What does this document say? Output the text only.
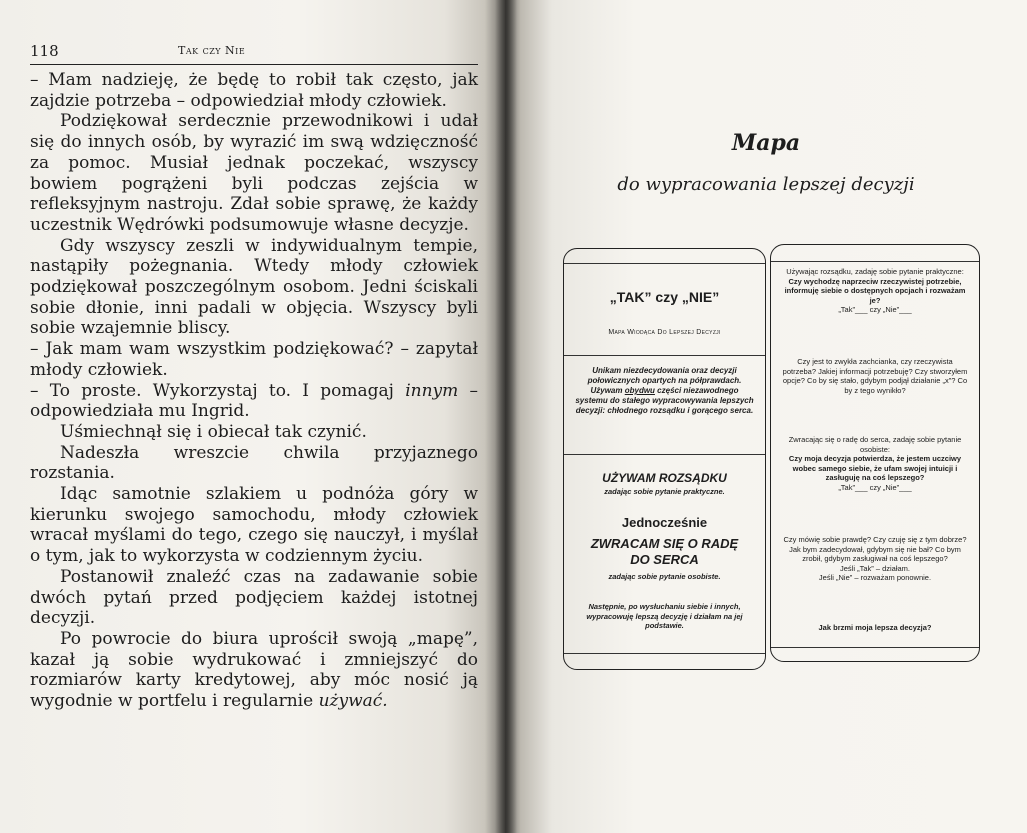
118	Tak czy Nie

– Mam nadzieję, że będę to robił tak często, jak zajdzie potrzeba – odpowiedział młody człowiek.

Podziękował serdecznie przewodnikowi i udał się do innych osób, by wyrazić im swą wdzięczność za pomoc. Musiał jednak poczekać, wszyscy bowiem pogrążeni byli podczas zejścia w refleksyjnym nastroju. Zdał sobie sprawę, że każdy uczestnik Wędrówki podsumowuje własne decyzje.

Gdy wszyscy zeszli w indywidualnym tempie, nastąpiły pożegnania. Wtedy młody człowiek podziękował poszczególnym osobom. Jedni ściskali sobie dłonie, inni padali w objęcia. Wszyscy byli sobie wzajemnie bliscy.

– Jak mam wam wszystkim podziękować? – zapytał młody człowiek.

– To proste. Wykorzystaj to. I pomagaj innym – odpowiedziała mu Ingrid.

Uśmiechnął się i obiecał tak czynić.

Nadeszła wreszcie chwila przyjaznego rozstania.

Idąc samotnie szlakiem u podnóża góry w kierunku swojego samochodu, młody człowiek wracał myślami do tego, czego się nauczył, i myślał o tym, jak to wykorzysta w codziennym życiu.

Postanowił znaleźć czas na zadawanie sobie dwóch pytań przed podjęciem każdej istotnej decyzji.

Po powrocie do biura uprościł swoją „mapę”, kazał ją sobie wydrukować i zmniejszyć do rozmiarów karty kredytowej, aby móc nosić ją wygodnie w portfelu i regularnie używać.

Mapa
do wypracowania lepszej decyzji
„TAK” czy „NIE”
Mapa Wiodąca Do Lepszej Decyzji
Unikam niezdecydowania oraz decyzji połowicznych opartych na półprawdach.
Używam obydwu części niezawodnego systemu do stałego wypracowywania lepszych decyzji: chłodnego rozsądku i gorącego serca.
UŻYWAM ROZSĄDKU
zadając sobie pytanie praktyczne.
Jednocześnie
ZWRACAM SIĘ O RADĘ
DO SERCA
zadając sobie pytanie osobiste.
Następnie, po wysłuchaniu siebie i innych, wypracowuję lepszą decyzję i działam na jej podstawie.
Używając rozsądku, zadaję sobie pytanie praktyczne:
Czy wychodzę naprzeciw rzeczywistej potrzebie, informuję siebie o dostępnych opcjach i rozważam je?
„Tak”___ czy „Nie”___
Czy jest to zwykła zachcianka, czy rzeczywista potrzeba? Jakiej informacji potrzebuję? Czy stworzyłem opcje? Co by się stało, gdybym podjął działanie „x”? Co by z tego wynikło?
Zwracając się o radę do serca, zadaję sobie pytanie osobiste:
Czy moja decyzja potwierdza, że jestem uczciwy wobec samego siebie, że ufam swojej intuicji i zasługuję na coś lepszego?
„Tak”___ czy „Nie”___
Czy mówię sobie prawdę? Czy czuję się z tym dobrze? Jak bym zadecydował, gdybym się nie bał? Co bym zrobił, gdybym zasługiwał na coś lepszego?
Jeśli „Tak” – działam.
Jeśli „Nie” – rozważam ponownie.
Jak brzmi moja lepsza decyzja?
